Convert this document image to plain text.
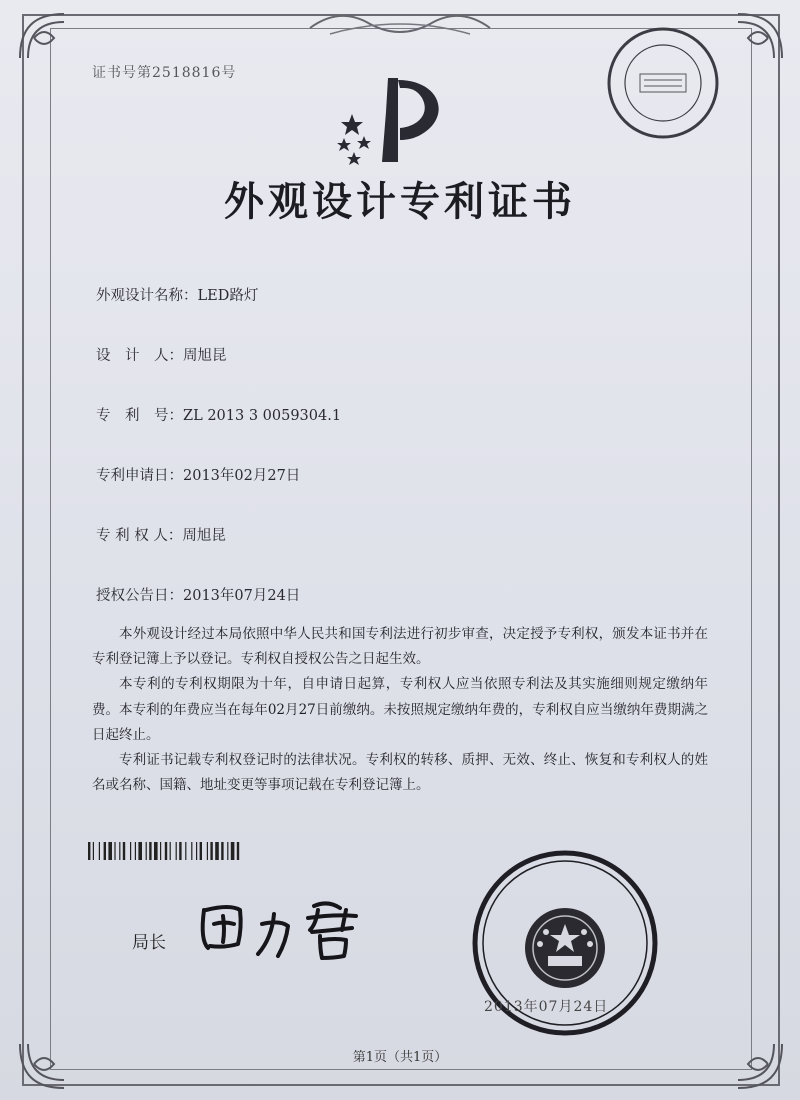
证书号第2518816号
外观设计专利证书
外观设计名称：LED路灯
设　计　人：周旭昆
专　利　号：ZL 2013 3 0059304.1
专利申请日：2013年02月27日
专 利 权 人：周旭昆
授权公告日：2013年07月24日

本外观设计经过本局依照中华人民共和国专利法进行初步审查，决定授予专利权，颁发本证书并在专利登记簿上予以登记。专利权自授权公告之日起生效。

本专利的专利权期限为十年，自申请日起算，专利权人应当依照专利法及其实施细则规定缴纳年费。本专利的年费应当在每年02月27日前缴纳。未按照规定缴纳年费的，专利权自应当缴纳年费期满之日起终止。

专利证书记载专利权登记时的法律状况。专利权的转移、质押、无效、终止、恢复和专利权人的姓名或名称、国籍、地址变更等事项记载在专利登记簿上。

局长
2013年07月24日
第1页（共1页）
